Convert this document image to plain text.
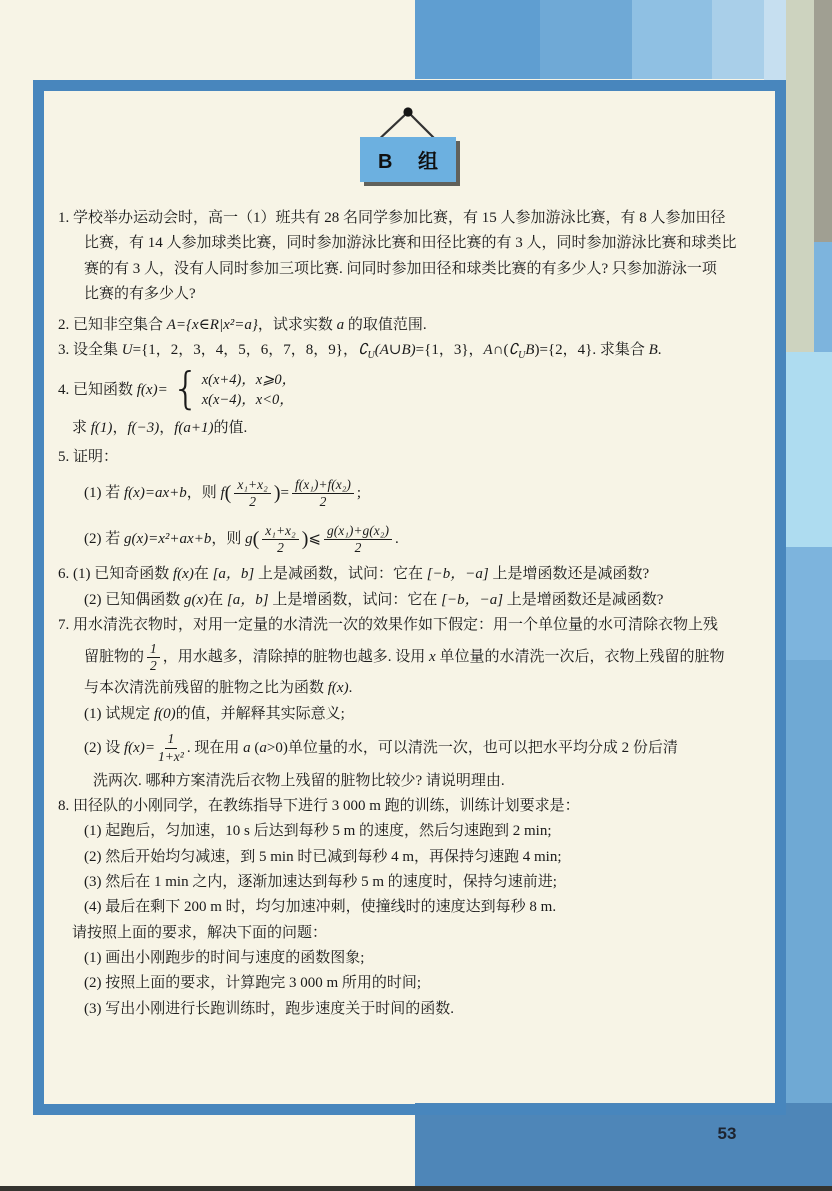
53
B 组
1. 学校举办运动会时，高一（1）班共有 28 名同学参加比赛，有 15 人参加游泳比赛，有 8 人参加田径
比赛，有 14 人参加球类比赛，同时参加游泳比赛和田径比赛的有 3 人，同时参加游泳比赛和球类比
赛的有 3 人，没有人同时参加三项比赛. 问同时参加田径和球类比赛的有多少人? 只参加游泳一项
比赛的有多少人?
2. 已知非空集合 A={x∈R|x²=a}，试求实数 a 的取值范围.
3. 设全集 U={1，2，3，4，5，6，7，8，9}，$∁_U(A\cup B)=\{1$，3}，$A\cap(∁_UB)=\{2$，4}. 求集合 B.
4. 已知函数 f(x)= { x(x+4)，x⩾0，
x(x−4)，x<0，
求 f(1)，f(−3)，f(a+1)的值.
5. 证明：
(1) 若 f(x)=ax+b，则 $f( \frac{\text{x₁+x₂}}{2}$ )= $\frac{\text{f(x₁)+f(x₂)}}{2}$ ;
(2) 若 g(x)=x²+ax+b，则 $g( \frac{\text{x₁+x₂}}{2}$ )⩽ $\frac{\text{g(x₁)+g(x₂)}}{2}$ .
6. (1) 已知奇函数 f(x)在 [a，b] 上是减函数，试问：它在 [−b，−a] 上是增函数还是减函数?
(2) 已知偶函数 g(x)在 [a，b] 上是增函数，试问：它在 [−b，−a] 上是增函数还是减函数?
7. 用水清洗衣物时，对用一定量的水清洗一次的效果作如下假定：用一个单位量的水可清除衣物上残
留脏物的 $\frac{1}{2}$ ，用水越多，清除掉的脏物也越多. 设用 x 单位量的水清洗一次后，衣物上残留的脏物
与本次清洗前残留的脏物之比为函数 f(x).
(1) 试规定 f(0)的值，并解释其实际意义;
(2) 设 $f(x)= \frac{1}{\text{1+x²}}$ . 现在用 a (a>0)单位量的水，可以清洗一次，也可以把水平均分成 2 份后清
洗两次. 哪种方案清洗后衣物上残留的脏物比较少? 请说明理由.
8. 田径队的小刚同学，在教练指导下进行 3 000 m 跑的训练，训练计划要求是：
(1) 起跑后，匀加速，10 s 后达到每秒 5 m 的速度，然后匀速跑到 2 min;
(2) 然后开始均匀减速，到 5 min 时已减到每秒 4 m，再保持匀速跑 4 min;
(3) 然后在 1 min 之内，逐渐加速达到每秒 5 m 的速度时，保持匀速前进;
(4) 最后在剩下 200 m 时，均匀加速冲刺，使撞线时的速度达到每秒 8 m.
请按照上面的要求，解决下面的问题：
(1) 画出小刚跑步的时间与速度的函数图象;
(2) 按照上面的要求，计算跑完 3 000 m 所用的时间;
(3) 写出小刚进行长跑训练时，跑步速度关于时间的函数.
